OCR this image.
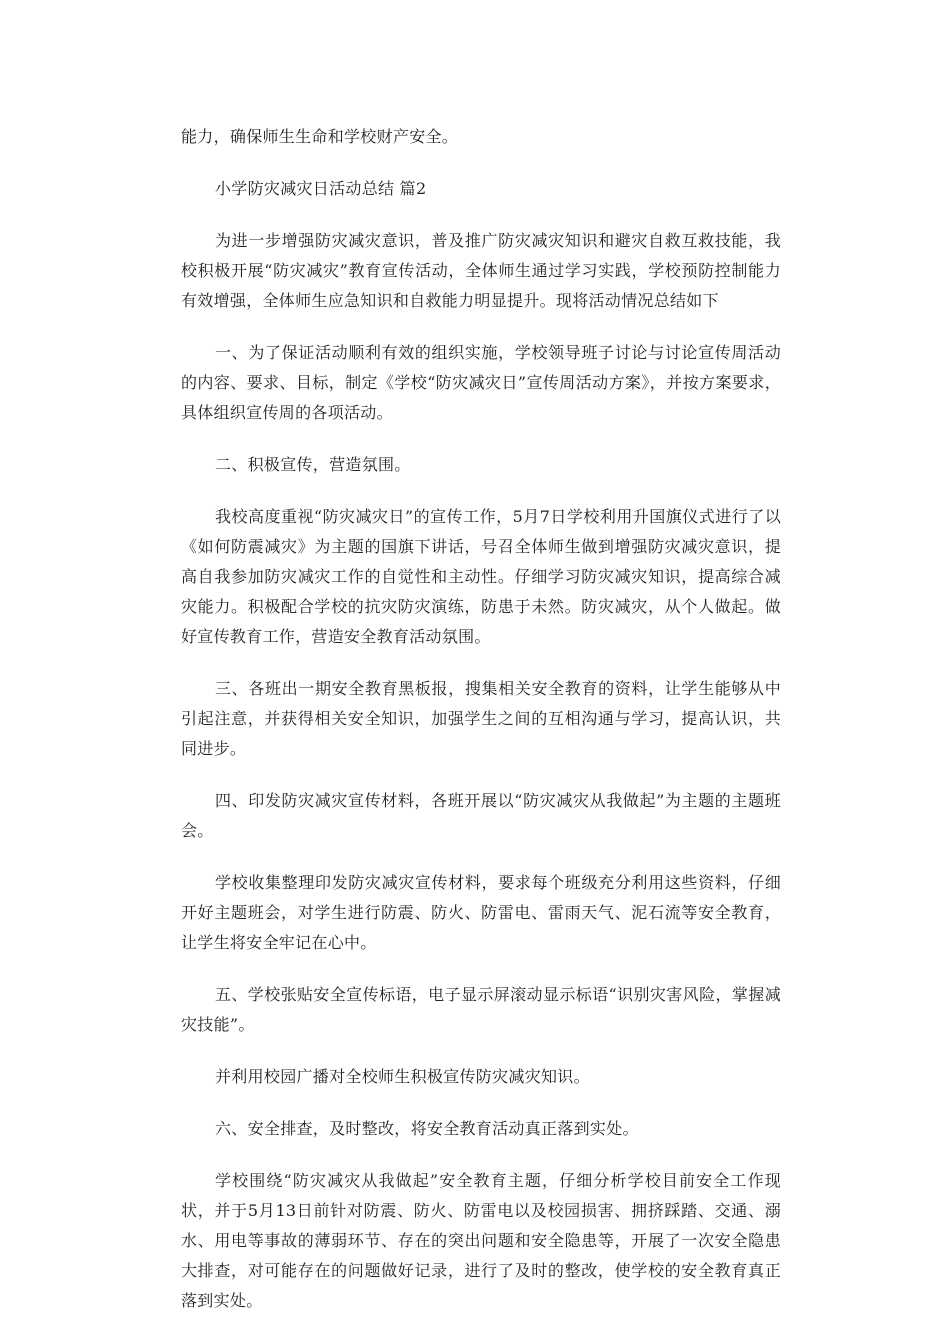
能力，确保师生生命和学校财产安全。

小学防灾减灾日活动总结 篇2

为进一步增强防灾减灾意识，普及推广防灾减灾知识和避灾自救互救技能，我校积极开展“防灾减灾”教育宣传活动，全体师生通过学习实践，学校预防控制能力有效增强，全体师生应急知识和自救能力明显提升。现将活动情况总结如下

一、为了保证活动顺利有效的组织实施，学校领导班子讨论与讨论宣传周活动的内容、要求、目标，制定《学校“防灾减灾日”宣传周活动方案》，并按方案要求，具体组织宣传周的各项活动。

二、积极宣传，营造氛围。

我校高度重视“防灾减灾日”的宣传工作，5月7日学校利用升国旗仪式进行了以《如何防震减灾》为主题的国旗下讲话，号召全体师生做到增强防灾减灾意识，提高自我参加防灾减灾工作的自觉性和主动性。仔细学习防灾减灾知识，提高综合减灾能力。积极配合学校的抗灾防灾演练，防患于未然。防灾减灾，从个人做起。做好宣传教育工作，营造安全教育活动氛围。

三、各班出一期安全教育黑板报，搜集相关安全教育的资料，让学生能够从中引起注意，并获得相关安全知识，加强学生之间的互相沟通与学习，提高认识，共同进步。

四、印发防灾减灾宣传材料，各班开展以“防灾减灾从我做起”为主题的主题班会。

学校收集整理印发防灾减灾宣传材料，要求每个班级充分利用这些资料，仔细开好主题班会，对学生进行防震、防火、防雷电、雷雨天气、泥石流等安全教育，让学生将安全牢记在心中。

五、学校张贴安全宣传标语，电子显示屏滚动显示标语“识别灾害风险，掌握减灾技能”。

并利用校园广播对全校师生积极宣传防灾减灾知识。

六、安全排查，及时整改，将安全教育活动真正落到实处。

学校围绕“防灾减灾从我做起”安全教育主题，仔细分析学校目前安全工作现状，并于5月13日前针对防震、防火、防雷电以及校园损害、拥挤踩踏、交通、溺水、用电等事故的薄弱环节、存在的突出问题和安全隐患等，开展了一次安全隐患大排查，对可能存在的问题做好记录，进行了及时的整改，使学校的安全教育真正落到实处。
